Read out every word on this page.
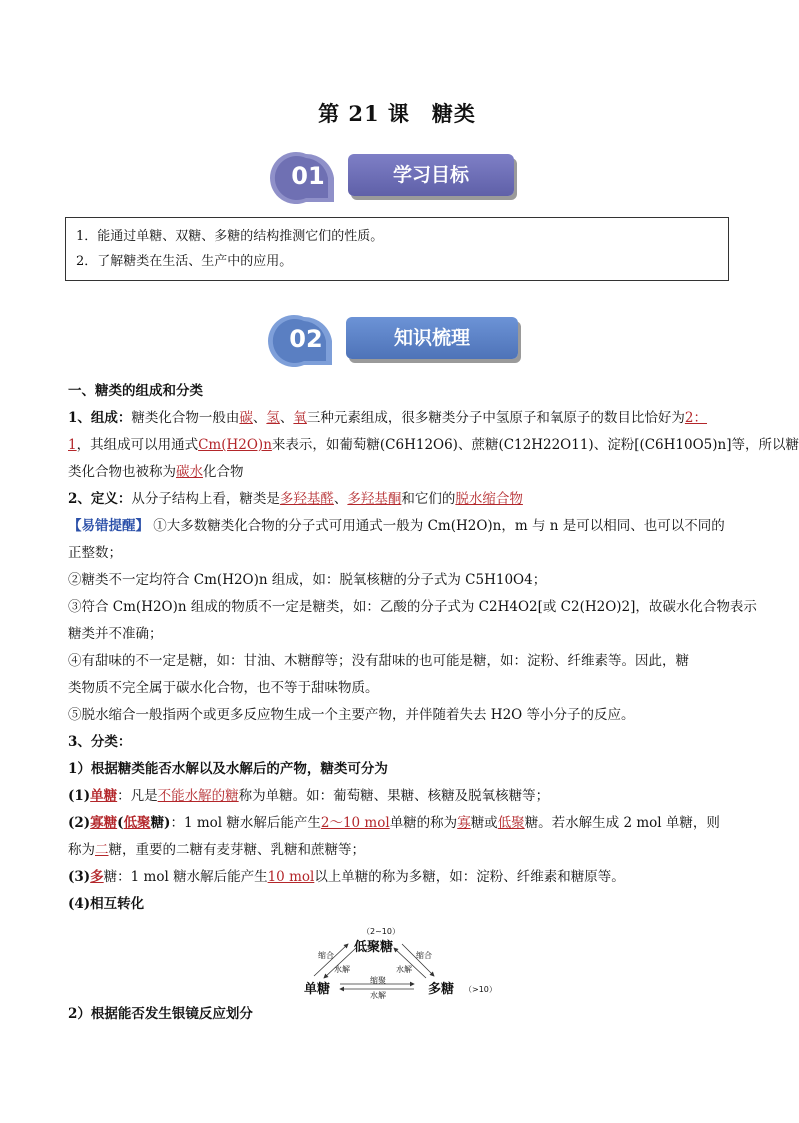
第 21 课　糖类
01	学习目标
1．能通过单糖、双糖、多糖的结构推测它们的性质。
2．了解糖类在生活、生产中的应用。
02	知识梳理
一、糖类的组成和分类
1、组成：糖类化合物一般由碳、氢、氧三种元素组成，很多糖类分子中氢原子和氧原子的数目比恰好为2：
1，其组成可以用通式Cm(H2O)n来表示，如葡萄糖(C6H12O6)、蔗糖(C12H22O11)、淀粉[(C6H10O5)n]等，所以糖
类化合物也被称为碳水化合物
2、定义：从分子结构上看，糖类是多羟基醛、多羟基酮和它们的脱水缩合物
【易错提醒】 ①大多数糖类化合物的分子式可用通式一般为 Cm(H2O)n，m 与 n 是可以相同、也可以不同的
正整数；
②糖类不一定均符合 Cm(H2O)n 组成，如：脱氧核糖的分子式为 C5H10O4；
③符合 Cm(H2O)n 组成的物质不一定是糖类，如：乙酸的分子式为 C2H4O2[或 C2(H2O)2]，故碳水化合物表示
糖类并不准确；
④有甜味的不一定是糖，如：甘油、木糖醇等；没有甜味的也可能是糖，如：淀粉、纤维素等。因此，糖
类物质不完全属于碳水化合物，也不等于甜味物质。
⑤脱水缩合一般指两个或更多反应物生成一个主要产物，并伴随着失去 H2O 等小分子的反应。
3、分类：
1）根据糖类能否水解以及水解后的产物，糖类可分为
(1)单糖：凡是不能水解的糖称为单糖。如：葡萄糖、果糖、核糖及脱氧核糖等；
(2)寡糖(低聚糖)：1 mol 糖水解后能产生2～10 mol单糖的称为寡糖或低聚糖。若水解生成 2 mol 单糖，则
称为二糖，重要的二糖有麦芽糖、乳糖和蔗糖等；
(3)多糖：1 mol 糖水解后能产生10 mol以上单糖的称为多糖，如：淀粉、纤维素和糖原等。
(4)相互转化
（2~10）
低聚糖
缩合
水解
缩合
水解
单糖
缩聚
水解	多糖 （>10）
2）根据能否发生银镜反应划分
